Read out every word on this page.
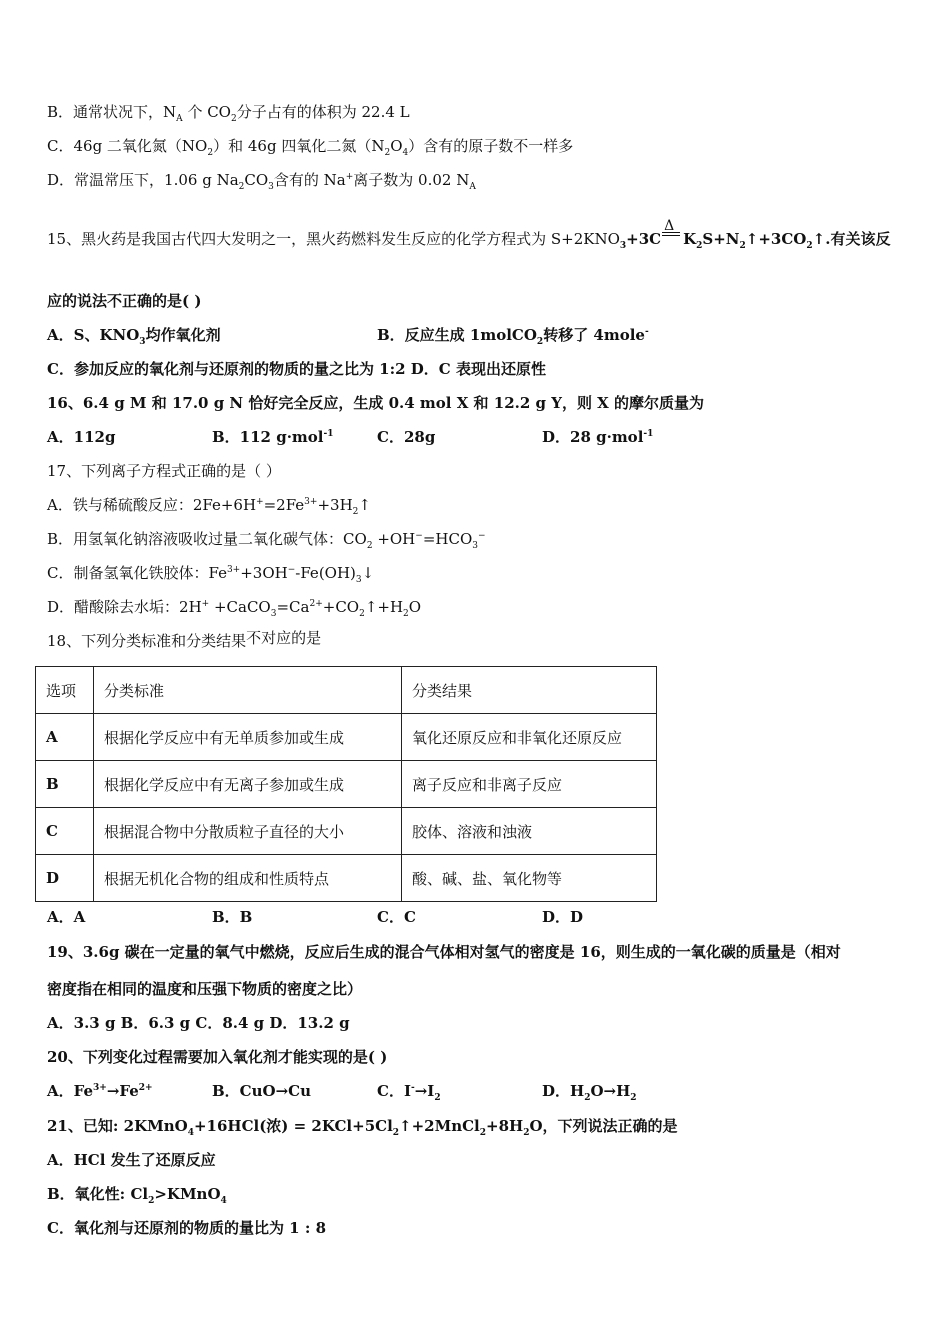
B．通常状况下，$N_A$ 个 $CO_2$分子占有的体积为 22.4 L
C．46g 二氧化氮$(NO_2)$和 46g 四氧化二氮$(N_2O_4)$含有的原子数不一样多
D．常温常压下，1.06 g $Na_2CO_3$含有的 Na+离子数为 0.02 $N_A$
15、黑火药是我国古代四大发明之一，黑火药燃料发生反应的化学方程式为 $S+2KNO_3+3C$
Δ
$K_2S+N_2↑+3CO_2↑$.有关该反
应的说法不正确的是( )
A．S、$KNO_3$均作氧化剂	B．反应生成 1molCO$_2$转移了 4mole-
C．参加反应的氧化剂与还原剂的物质的量之比为 1:2 D．C 表现出还原性
16、6.4 g M 和 17.0 g N 恰好完全反应，生成 0.4 mol X 和 12.2 g Y，则 X 的摩尔质量为
A．112g	B．112 g·mol$^{-1}$	C．28g	D．28 g·mol$^{-1}$
17、下列离子方程式正确的是（ ）
A．铁与稀硫酸反应：$2Fe+6H^+=2Fe^{3+}+3H_2↑$
B．用氢氧化钠溶液吸收过量二氧化碳气体：$CO_2 +OH^-=HCO_3^-$
C．制备氢氧化铁胶体：$Fe^{3+}+3OH^--Fe(OH)_3↓$
D．醋酸除去水垢：$2H^+ +CaCO_3=Ca^{2+}+CO_2↑+H_2O$
18、下列分类标准和分类结果不对应的是
选项	分类标准	分类结果
A	根据化学反应中有无单质参加或生成	氧化还原反应和非氧化还原反应
B	根据化学反应中有无离子参加或生成	离子反应和非离子反应
C	根据混合物中分散质粒子直径的大小	胶体、溶液和浊液
D	根据无机化合物的组成和性质特点	酸、碱、盐、氧化物等
A．A	B．B	C．C	D．D
19、3.6g 碳在一定量的氧气中燃烧，反应后生成的混合气体相对氢气的密度是 16，则生成的一氧化碳的质量是（相对
密度指在相同的温度和压强下物质的密度之比）
A．3.3 g B．6.3 g C．8.4 g D．13.2 g
20、下列变化过程需要加入氧化剂才能实现的是( )
A．$Fe^{3+}\to Fe^{2+}$	B．CuO→Cu	C．$I^-\to I_2$	D．$H_2O\to H_2$
21、已知: 2KMnO$_4$+16HCl(浓) = $2KCl+5Cl_2↑+2MnCl_2+8H_2O$，下列说法正确的是
A．HCl 发生了还原反应
B．氧化性: $Cl_2>KMnO_4$
C．氧化剂与还原剂的物质的量比为 1 : 8
